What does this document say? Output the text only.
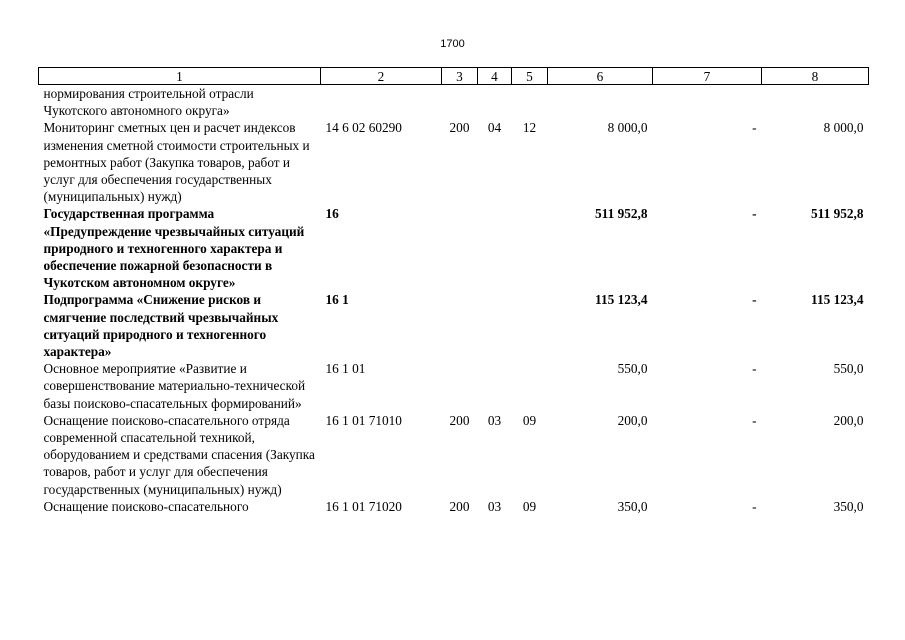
1700
1	2	3	4	5	6	7	8
нормирования строительной отрасли Чукотского автономного округа»							
Мониторинг сметных цен и расчет индексов изменения сметной стоимости строительных и ремонтных работ (Закупка товаров, работ и услуг для обеспечения государственных (муниципальных) нужд)	14 6 02 60290	200	04	12	8 000,0	-	8 000,0
Государственная программа «Предупреждение чрезвычайных ситуаций природного и техногенного характера и обеспечение пожарной безопасности в Чукотском автономном округе»	16				511 952,8	-	511 952,8
Подпрограмма «Снижение рисков и смягчение последствий чрезвычайных ситуаций природного и техногенного характера»	16 1				115 123,4	-	115 123,4
Основное мероприятие «Развитие и совершенствование материально-технической базы поисково-спасательных формирований»	16 1 01				550,0	-	550,0
Оснащение поисково-спасательного отряда современной спасательной техникой, оборудованием и средствами спасения (Закупка товаров, работ и услуг для обеспечения государственных (муниципальных) нужд)	16 1 01 71010	200	03	09	200,0	-	200,0
Оснащение поисково-спасательного	16 1 01 71020	200	03	09	350,0	-	350,0
